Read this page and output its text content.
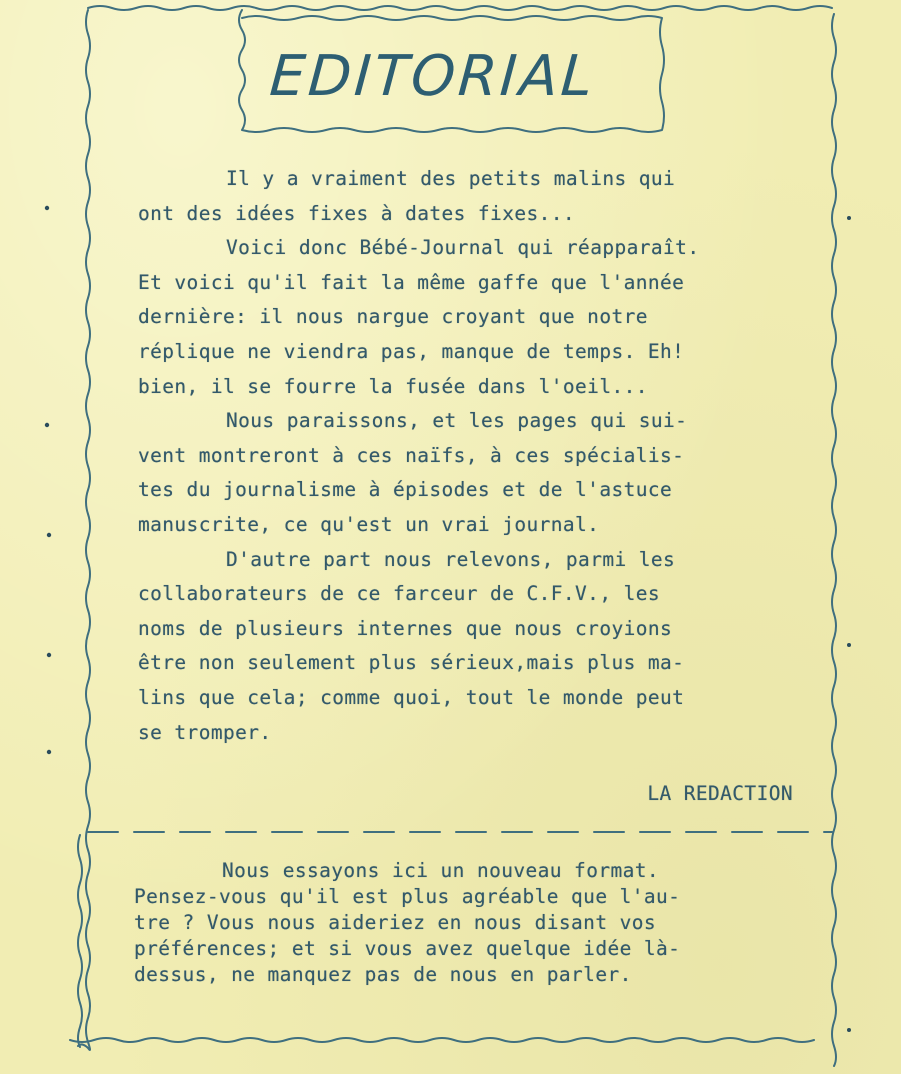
EDITORIAL
Il y a vraiment des petits malins qui
ont des idées fixes à dates fixes...
Voici donc Bébé-Journal qui réapparaît.
Et voici qu'il fait la même gaffe que l'année
dernière: il nous nargue croyant que notre
réplique ne viendra pas, manque de temps. Eh!
bien, il se fourre la fusée dans l'oeil...
Nous paraissons, et les pages qui sui-
vent montreront à ces naïfs, à ces spécialis-
tes du journalisme à épisodes et de l'astuce
manuscrite, ce qu'est un vrai journal.
D'autre part nous relevons, parmi les
collaborateurs de ce farceur de C.F.V., les
noms de plusieurs internes que nous croyions
être non seulement plus sérieux,mais plus ma-
lins que cela; comme quoi, tout le monde peut
se tromper.
LA REDACTION
Nous essayons ici un nouveau format.
Pensez-vous qu'il est plus agréable que l'au-
tre ? Vous nous aideriez en nous disant vos
préférences; et si vous avez quelque idée là-
dessus, ne manquez pas de nous en parler.
